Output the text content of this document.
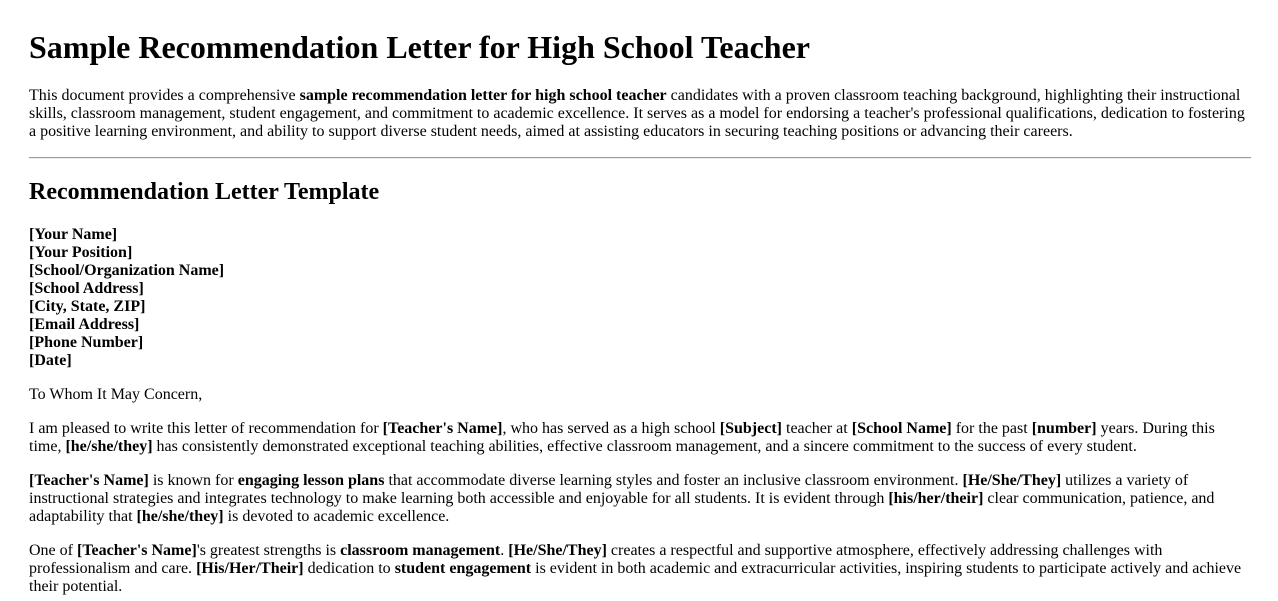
Sample Recommendation Letter for High School Teacher

This document provides a comprehensive sample recommendation letter for high school teacher candidates with a proven classroom teaching background, highlighting their instructional skills, classroom management, student engagement, and commitment to academic excellence. It serves as a model for endorsing a teacher's professional qualifications, dedication to fostering a positive learning environment, and ability to support diverse student needs, aimed at assisting educators in securing teaching positions or advancing their careers.

Recommendation Letter Template

[Your Name]
[Your Position]
[School/Organization Name]
[School Address]
[City, State, ZIP]
[Email Address]
[Phone Number]
[Date]

To Whom It May Concern,

I am pleased to write this letter of recommendation for [Teacher's Name], who has served as a high school [Subject] teacher at [School Name] for the past [number] years. During this time, [he/she/they] has consistently demonstrated exceptional teaching abilities, effective classroom management, and a sincere commitment to the success of every student.

[Teacher's Name] is known for engaging lesson plans that accommodate diverse learning styles and foster an inclusive classroom environment. [He/She/They] utilizes a variety of instructional strategies and integrates technology to make learning both accessible and enjoyable for all students. It is evident through [his/her/their] clear communication, patience, and adaptability that [he/she/they] is devoted to academic excellence.

One of [Teacher's Name]'s greatest strengths is classroom management. [He/She/They] creates a respectful and supportive atmosphere, effectively addressing challenges with professionalism and care. [His/Her/Their] dedication to student engagement is evident in both academic and extracurricular activities, inspiring students to participate actively and achieve their potential.
